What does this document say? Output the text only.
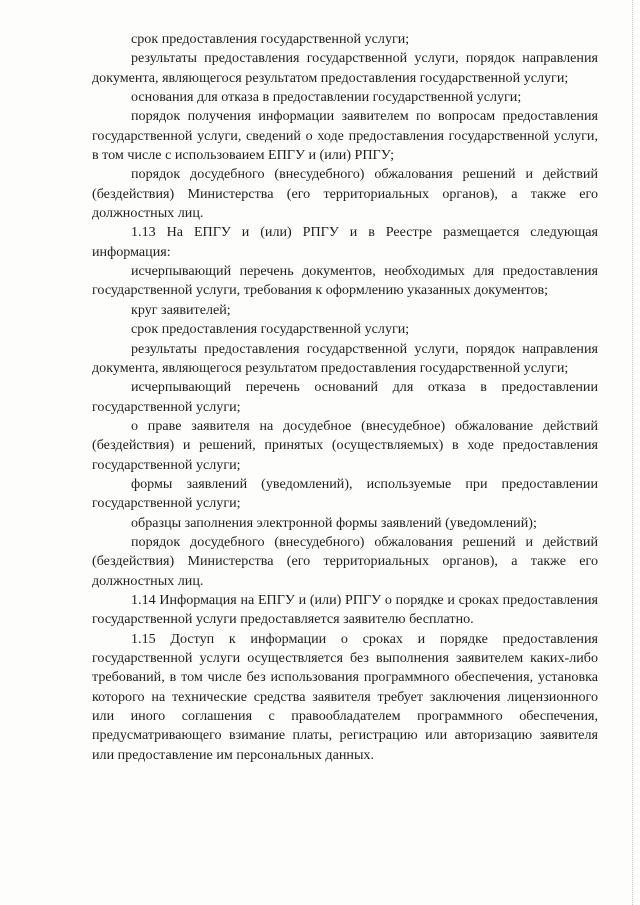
срок предоставления государственной услуги;

результаты предоставления государственной услуги, порядок направления документа, являющегося результатом предоставления государственной услуги;

основания для отказа в предоставлении государственной услуги;

порядок получения информации заявителем по вопросам предоставления государственной услуги, сведений о ходе предоставления государственной услуги, в том числе с использоваием ЕПГУ и (или) РПГУ;

порядок досудебного (внесудебного) обжалования решений и действий (бездействия) Министерства (его территориальных органов), а также его должностных лиц.

1.13 На ЕПГУ и (или) РПГУ и в Реестре размещается следующая информация:

исчерпывающий перечень документов, необходимых для предоставления государственной услуги, требования к оформлению указанных документов;

круг заявителей;

срок предоставления государственной услуги;

результаты предоставления государственной услуги, порядок направления документа, являющегося результатом предоставления государственной услуги;

исчерпывающий перечень оснований для отказа в предоставлении государственной услуги;

о праве заявителя на досудебное (внесудебное) обжалование действий (бездействия) и решений, принятых (осуществляемых) в ходе предоставления государственной услуги;

формы заявлений (уведомлений), используемые при предоставлении государственной услуги;

образцы заполнения электронной формы заявлений (уведомлений);

порядок досудебного (внесудебного) обжалования решений и действий (бездействия) Министерства (его территориальных органов), а также его должностных лиц.

1.14 Информация на ЕПГУ и (или) РПГУ о порядке и сроках предоставления государственной услуги предоставляется заявителю бесплатно.

1.15 Доступ к информации о сроках и порядке предоставления государственной услуги осуществляется без выполнения заявителем каких-либо требований, в том числе без использования программного обеспечения, установка которого на технические средства заявителя требует заключения лицензионного или иного соглашения с правообладателем программного обеспечения, предусматривающего взимание платы, регистрацию или авторизацию заявителя или предоставление им персональных данных.
